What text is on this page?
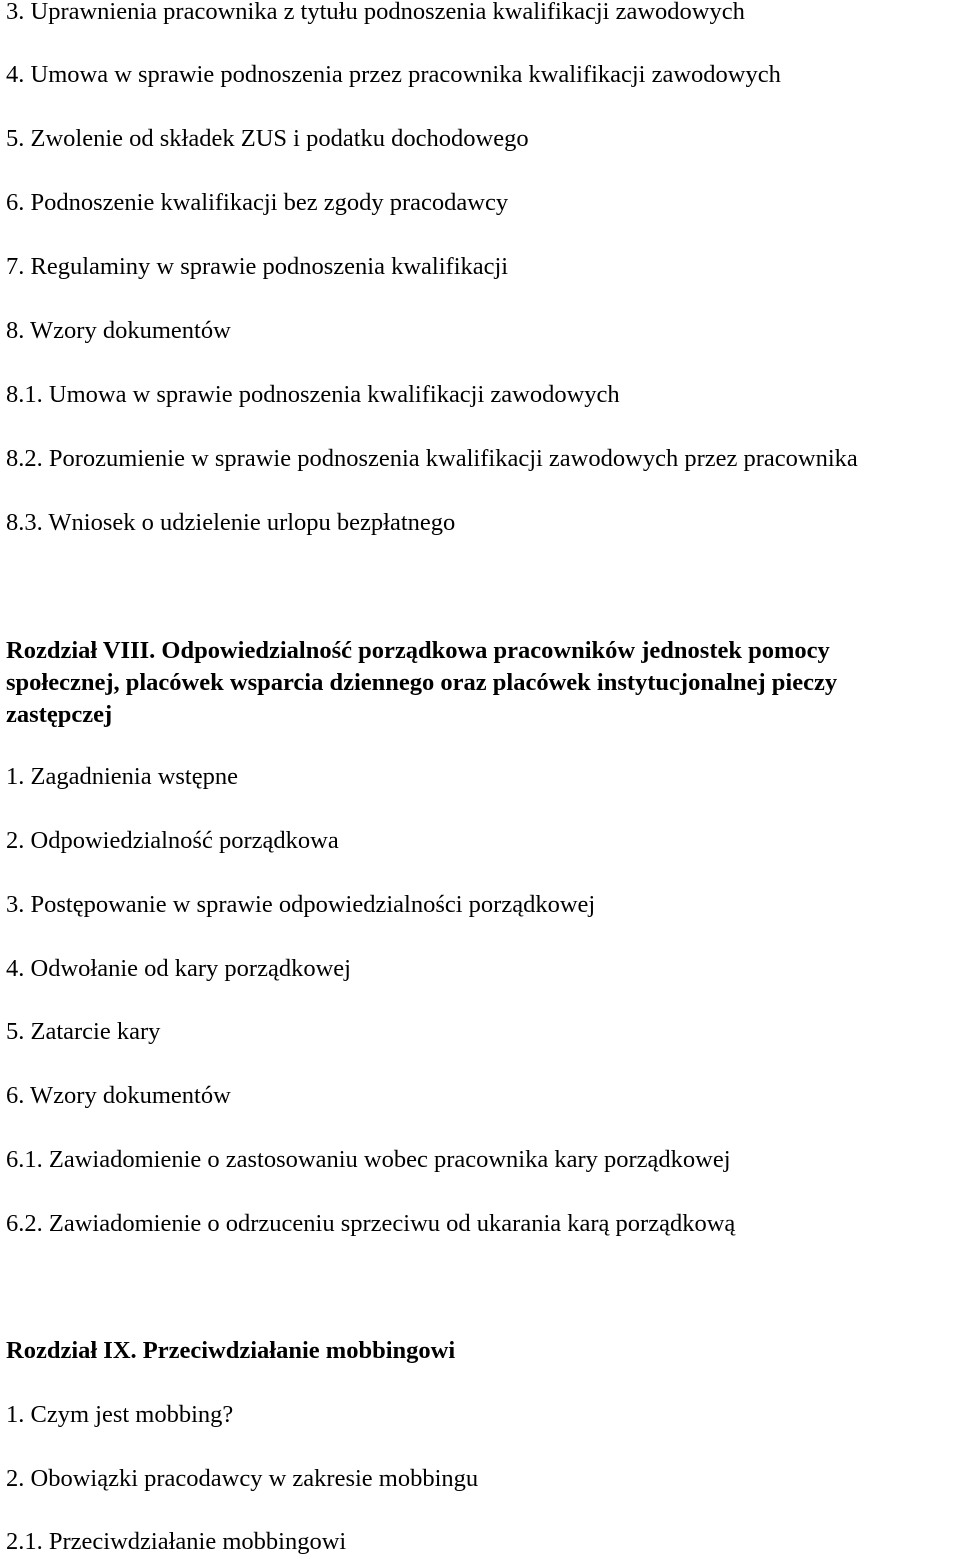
3. Uprawnienia pracownika z tytułu podnoszenia kwalifikacji zawodowych
4. Umowa w sprawie podnoszenia przez pracownika kwalifikacji zawodowych
5. Zwolenie od składek ZUS i podatku dochodowego
6. Podnoszenie kwalifikacji bez zgody pracodawcy
7. Regulaminy w sprawie podnoszenia kwalifikacji
8. Wzory dokumentów
8.1. Umowa w sprawie podnoszenia kwalifikacji zawodowych
8.2. Porozumienie w sprawie podnoszenia kwalifikacji zawodowych przez pracownika
8.3. Wniosek o udzielenie urlopu bezpłatnego
Rozdział VIII. Odpowiedzialność porządkowa pracowników jednostek pomocy społecznej, placówek wsparcia dziennego oraz placówek instytucjonalnej pieczy zastępczej
1. Zagadnienia wstępne
2. Odpowiedzialność porządkowa
3. Postępowanie w sprawie odpowiedzialności porządkowej
4. Odwołanie od kary porządkowej
5. Zatarcie kary
6. Wzory dokumentów
6.1. Zawiadomienie o zastosowaniu wobec pracownika kary porządkowej
6.2. Zawiadomienie o odrzuceniu sprzeciwu od ukarania karą porządkową
Rozdział IX. Przeciwdziałanie mobbingowi
1. Czym jest mobbing?
2. Obowiązki pracodawcy w zakresie mobbingu
2.1. Przeciwdziałanie mobbingowi
